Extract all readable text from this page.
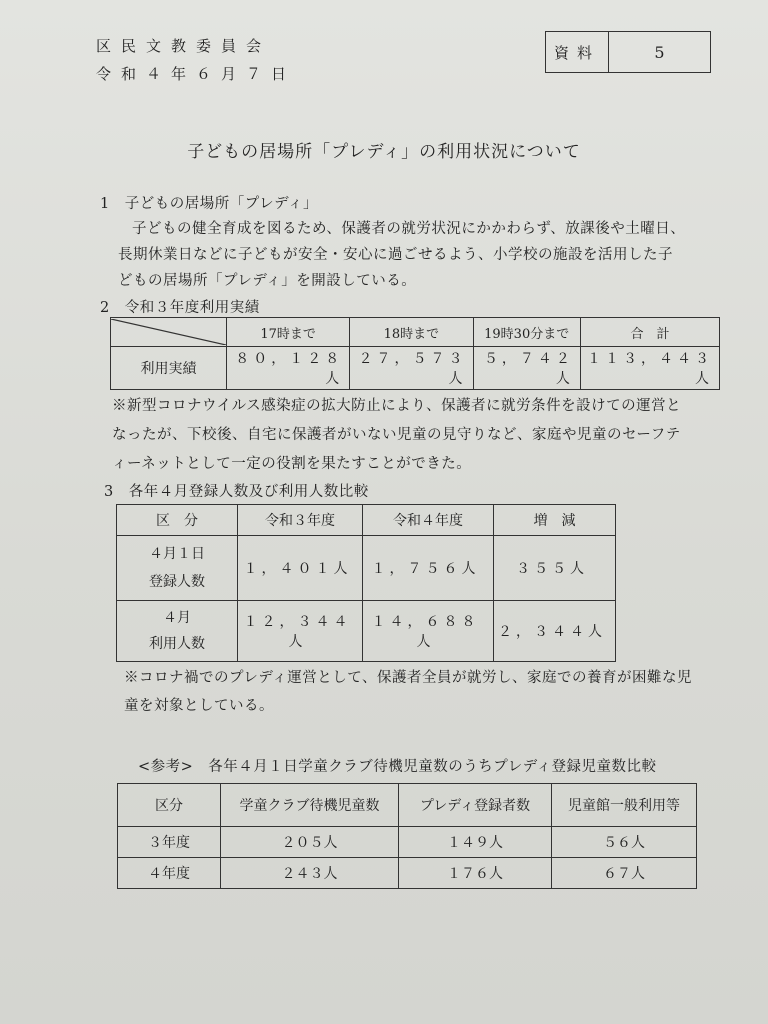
区民文教委員会
令和４年６月７日
資料	5
子どもの居場所「プレディ」の利用状況について
1　子どもの居場所「プレディ」
子どもの健全育成を図るため、保護者の就労状況にかかわらず、放課後や土曜日、
長期休業日などに子どもが安全・安心に過ごせるよう、小学校の施設を活用した子
どもの居場所「プレディ」を開設している。
2　令和３年度利用実績
	17時まで	18時まで	19時30分まで	合　計
利用実績	８０，１２８人	２７，５７３人	５，７４２人	１１３，４４３人
※新型コロナウイルス感染症の拡大防止により、保護者に就労条件を設けての運営と
なったが、下校後、自宅に保護者がいない児童の見守りなど、家庭や児童のセーフテ
ィーネットとして一定の役割を果たすことができた。
3　各年４月登録人数及び利用人数比較
区　分	令和３年度	令和４年度	増　減

４月１日
登録人数	１，４０１人	１，７５６人	３５５人

４月
利用人数	１２，３４４人	１４，６８８人	２，３４４人
※コロナ禍でのプレディ運営として、保護者全員が就労し、家庭での養育が困難な児
童を対象としている。
<参考>　各年４月１日学童クラブ待機児童数のうちプレディ登録児童数比較
区分	学童クラブ待機児童数	プレディ登録者数	児童館一般利用等
３年度	２０５人	１４９人	５６人
４年度	２４３人	１７６人	６７人
